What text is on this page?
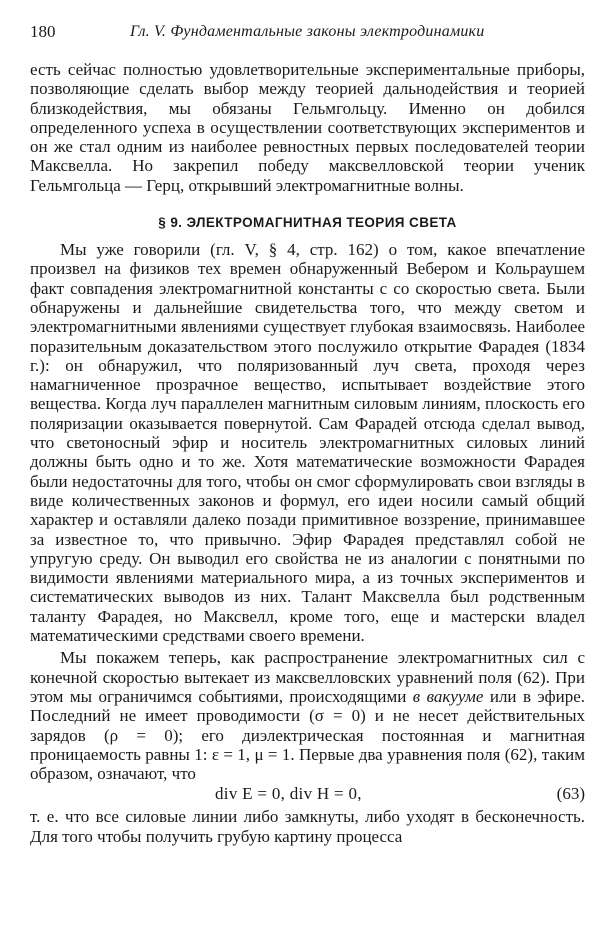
180	Гл. V. Фундаментальные законы электродинамики

есть сейчас полностью удовлетворительные экспериментальные приборы, позволяющие сделать выбор между теорией дальнодействия и теорией близкодействия, мы обязаны Гельмгольцу. Именно он добился определенного успеха в осуществлении соответствующих экспериментов и он же стал одним из наиболее ревностных первых последователей теории Максвелла. Но закрепил победу максвелловской теории ученик Гельмгольца — Герц, открывший электромагнитные волны.

§ 9. ЭЛЕКТРОМАГНИТНАЯ ТЕОРИЯ СВЕТА

Мы уже говорили (гл. V, § 4, стр. 162) о том, какое впечатление произвел на физиков тех времен обнаруженный Вебером и Кольраушем факт совпадения электромагнитной константы c со скоростью света. Были обнаружены и дальнейшие свидетельства того, что между светом и электромагнитными явлениями существует глубокая взаимосвязь. Наиболее поразительным доказательством этого послужило открытие Фарадея (1834 г.): он обнаружил, что поляризованный луч света, проходя через намагниченное прозрачное вещество, испытывает воздействие этого вещества. Когда луч параллелен магнитным силовым линиям, плоскость его поляризации оказывается повернутой. Сам Фарадей отсюда сделал вывод, что светоносный эфир и носитель электромагнитных силовых линий должны быть одно и то же. Хотя математические возможности Фарадея были недостаточны для того, чтобы он смог сформулировать свои взгляды в виде количественных законов и формул, его идеи носили самый общий характер и оставляли далеко позади примитивное воззрение, принимавшее за известное то, что привычно. Эфир Фарадея представлял собой не упругую среду. Он выводил его свойства не из аналогии с понятными по видимости явлениями материального мира, а из точных экспериментов и систематических выводов из них. Талант Максвелла был родственным таланту Фарадея, но Максвелл, кроме того, еще и мастерски владел математическими средствами своего времени.

Мы покажем теперь, как распространение электромагнитных сил с конечной скоростью вытекает из максвелловских уравнений поля (62). При этом мы ограничимся событиями, происходящими в вакууме или в эфире. Последний не имеет проводимости (σ = 0) и не несет действительных зарядов (ρ = 0); его диэлектрическая постоянная и магнитная проницаемость равны 1: ε = 1, μ = 1. Первые два уравнения поля (62), таким образом, означают, что

div E = 0, div H = 0,	(63)

т. е. что все силовые линии либо замкнуты, либо уходят в бесконечность. Для того чтобы получить грубую картину процесса
